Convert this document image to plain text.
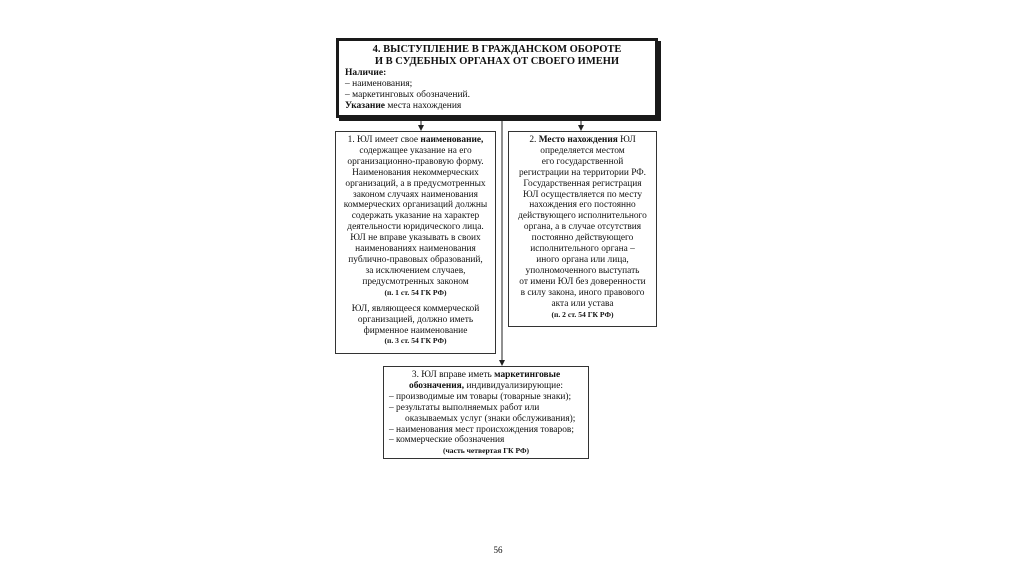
4. ВЫСТУПЛЕНИЕ В ГРАЖДАНСКОМ ОБОРОТЕ
И В СУДЕБНЫХ ОРГАНАХ ОТ СВОЕГО ИМЕНИ
Наличие:
– наименования;
– маркетинговых обозначений.
Указание места нахождения
1. ЮЛ имеет свое наименование,
содержащее указание на его
организационно-правовую форму.
Наименования некоммерческих
организаций, а в предусмотренных
законом случаях наименования
коммерческих организаций должны
содержать указание на характер
деятельности юридического лица.
ЮЛ не вправе указывать в своих
наименованиях наименования
публично-правовых образований,
за исключением случаев,
предусмотренных законом
(п. 1 ст. 54 ГК РФ)
ЮЛ, являющееся коммерческой
организацией, должно иметь
фирменное наименование
(п. 3 ст. 54 ГК РФ)
2. Место нахождения ЮЛ
определяется местом
его государственной
регистрации на территории РФ.
Государственная регистрация
ЮЛ осуществляется по месту
нахождения его постоянно
действующего исполнительного
органа, а в случае отсутствия
постоянно действующего
исполнительного органа –
иного органа или лица,
уполномоченного выступать
от имени ЮЛ без доверенности
в силу закона, иного правового
акта или устава
(п. 2 ст. 54 ГК РФ)
3. ЮЛ вправе иметь маркетинговые
обозначения, индивидуализирующие:
– производимые им товары (товарные знаки);
– результаты выполняемых работ или
оказываемых услуг (знаки обслуживания);
– наименования мест происхождения товаров;
– коммерческие обозначения
(часть четвертая ГК РФ)
56
